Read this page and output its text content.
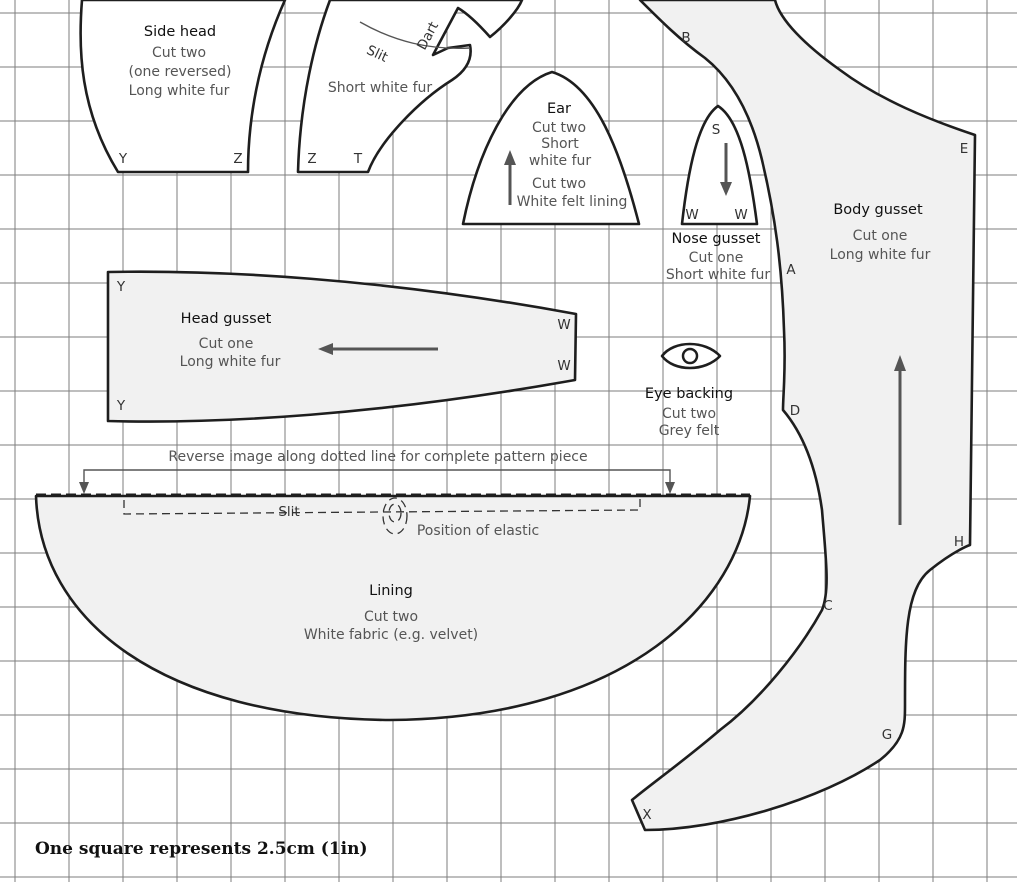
Side head
Cut two
(one reversed)
Long white fur
Y	Z
Short white fur
Z	T
Slit
Dart
Ear
Cut two
Short
white fur
Cut two
White felt lining
S
W	W
Nose gusset
Cut one
Short white fur
Body gusset
Cut one
Long white fur
E
H
G
B
A
D
C
X
Head gusset
Cut one
Long white fur
Y
Y
W
W
Eye backing
Cut two
Grey felt
Reverse image along dotted line for complete pattern piece
Slit
Position of elastic
Lining
Cut two
White fabric (e.g. velvet)
One square represents 2.5cm (1in)
